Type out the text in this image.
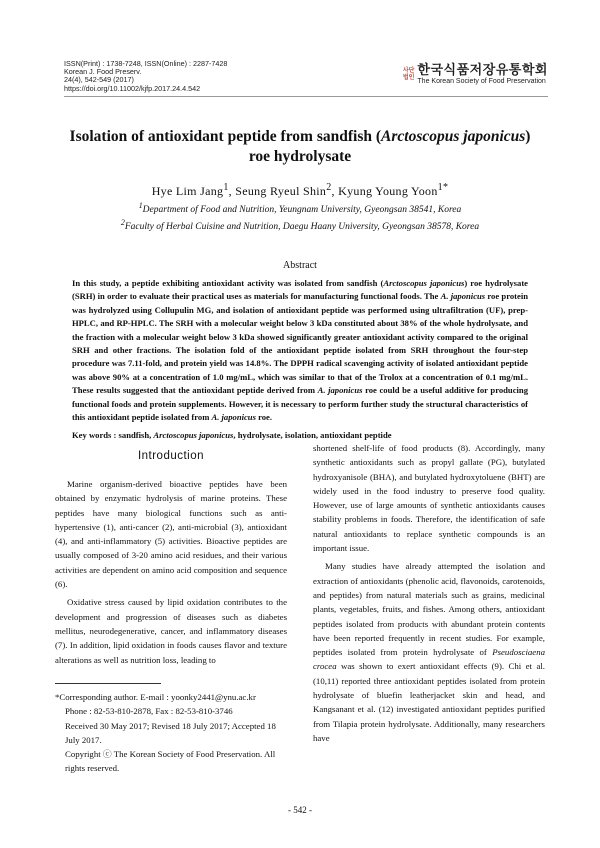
ISSN(Print) : 1738-7248, ISSN(Online) : 2287-7428
Korean J. Food Preserv.
24(4), 542-549 (2017)
https://doi.org/10.11002/kjfp.2017.24.4.542
사단
법인
한국식품저장유통학회
The Korean Society of Food Preservation
Isolation of antioxidant peptide from sandfish (Arctoscopus japonicus)
roe hydrolysate
Hye Lim Jang$^1$, Seung Ryeul Shin$^2$, Kyung Young Yoon$^{1*}$
$^1$Department of Food and Nutrition, Yeungnam University, Gyeongsan 38541, Korea
$^2$Faculty of Herbal Cuisine and Nutrition, Daegu Haany University, Gyeongsan 38578, Korea
Abstract
In this study, a peptide exhibiting antioxidant activity was isolated from sandfish (Arctoscopus japonicus) roe hydrolysate (SRH) in order to evaluate their practical uses as materials for manufacturing functional foods. The A. japonicus roe protein was hydrolyzed using Collupulin MG, and isolation of antioxidant peptide was performed using ultrafiltration (UF), prep-HPLC, and RP-HPLC. The SRH with a molecular weight below 3 kDa constituted about 38% of the whole hydrolysate, and the fraction with a molecular weight below 3 kDa showed significantly greater antioxidant activity compared to the original SRH and other fractions. The isolation fold of the antioxidant peptide isolated from SRH throughout the four-step procedure was 7.11-fold, and protein yield was 14.8%. The DPPH radical scavenging activity of isolated antioxidant peptide was above 90% at a concentration of 1.0 mg/mL, which was similar to that of the Trolox at a concentration of 0.1 mg/mL. These results suggested that the antioxidant peptide derived from A. japonicus roe could be a useful additive for producing functional foods and protein supplements. However, it is necessary to perform further study the structural characteristics of this antioxidant peptide isolated from A. japonicus roe.
Key words : sandfish, Arctoscopus japonicus, hydrolysate, isolation, antioxidant peptide
Introduction

Marine organism-derived bioactive peptides have been obtained by enzymatic hydrolysis of marine proteins. These peptides have many biological functions such as anti-hypertensive (1), anti-cancer (2), anti-microbial (3), antioxidant (4), and anti-inflammatory (5) activities. Bioactive peptides are usually composed of 3-20 amino acid residues, and their various activities are dependent on amino acid composition and sequence (6).

Oxidative stress caused by lipid oxidation contributes to the development and progression of diseases such as diabetes mellitus, neurodegenerative, cancer, and inflammatory diseases (7). In addition, lipid oxidation in foods causes flavor and texture alterations as well as nutrition loss, leading to

*Corresponding author. E-mail : yoonky2441@ynu.ac.kr
Phone : 82-53-810-2878, Fax : 82-53-810-3746
Received 30 May 2017; Revised 18 July 2017; Accepted 18
July 2017.
Copyright ⓒ The Korean Society of Food Preservation. All
rights reserved.

shortened shelf-life of food products (8). Accordingly, many synthetic antioxidants such as propyl gallate (PG), butylated hydroxyanisole (BHA), and butylated hydroxytoluene (BHT) are widely used in the food industry to preserve food quality. However, use of large amounts of synthetic antioxidants causes stability problems in foods. Therefore, the identification of safe natural antioxidants to replace synthetic compounds is an important issue.

Many studies have already attempted the isolation and extraction of antioxidants (phenolic acid, flavonoids, carotenoids, and peptides) from natural materials such as grains, medicinal plants, vegetables, fruits, and fishes. Among others, antioxidant peptides isolated from products with abundant protein contents have been reported frequently in recent studies. For example, peptides isolated from protein hydrolysate of Pseudosciaena crocea was shown to exert antioxidant effects (9). Chi et al. (10,11) reported three antioxidant peptides isolated from protein hydrolysate of bluefin leatherjacket skin and head, and Kangsanant et al. (12) investigated antioxidant peptides purified from Tilapia protein hydrolysate. Additionally, many researchers have

- 542 -
